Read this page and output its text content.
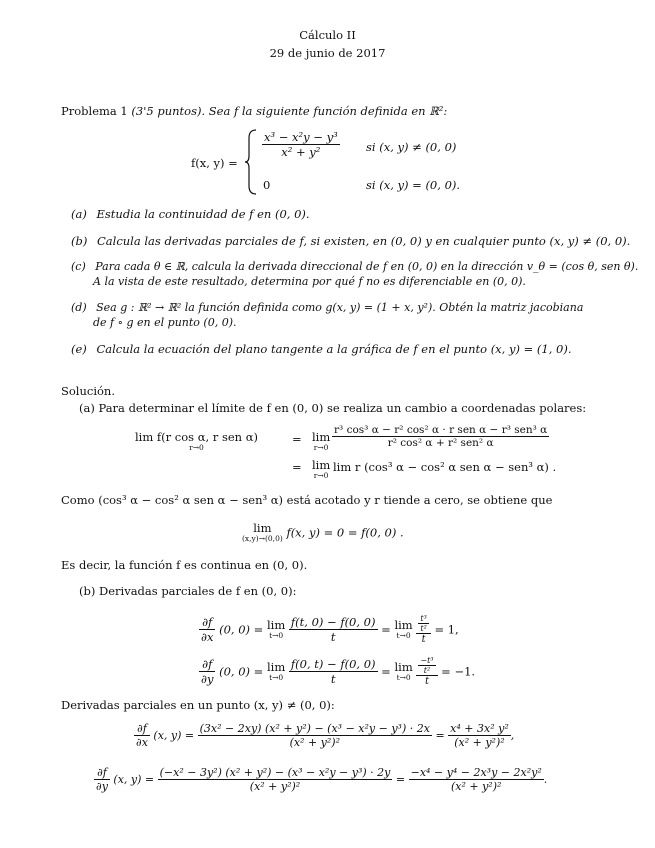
Cálculo II
29 de junio de 2017
Problema 1 (3'5 puntos). Sea f la siguiente función definida en ℝ²:
f(x, y) =
$\frac{\text{x³ − x²y − y³}}{\text{x² + y²}}$ si (x, y) ≠ (0, 0)
0	si (x, y) = (0, 0).
(a) Estudia la continuidad de f en (0, 0).
(b) Calcula las derivadas parciales de f, si existen, en (0, 0) y en cualquier punto (x, y) ≠ (0, 0).
(c) Para cada θ ∈ ℝ, calcula la derivada direccional de f en (0, 0) en la dirección v_θ = (cos θ, sen θ).
A la vista de este resultado, determina por qué f no es diferenciable en (0, 0).
(d) Sea g : ℝ² → ℝ² la función definida como g(x, y) = (1 + x, y²). Obtén la matriz jacobiana
de f ∘ g en el punto (0, 0).
(e) Calcula la ecuación del plano tangente a la gráfica de f en el punto (x, y) = (1, 0).
Solución.
(a) Para determinar el límite de f en (0, 0) se realiza un cambio a coordenadas polares:
lim f(r cos α, r sen α)
r→0
= lim
r→0
r³ cos³ α − r² cos² α · r sen α − r³ sen³ α
r² cos² α + r² sen² α
= lim
r→0
lim r (cos³ α − cos² α sen α − sen³ α) .
Como (cos³ α − cos² α sen α − sen³ α) está acotado y r tiende a cero, se obtiene que
lim
(x,y)→(0,0) f(x, y) = 0 = f(0, 0) .
Es decir, la función f es continua en (0, 0).
(b) Derivadas parciales de f en (0, 0):
$\frac{\partial f}{\partial x} (0$, 0) = lim
t→0
$\frac{f(t, 0) - f(0, 0)}{t} = \lim$
t→0
$\frac{\frac{\text{t³}}{\text{t²}}}{t} = 1$,
$\frac{\partial f}{\partial y} (0$, 0) = lim
t→0
$\frac{f(0, t) - f(0, 0)}{t} = \lim$
t→0
$\frac{\frac{\text{−t³}}{\text{t²}}}{t} = -1$.
Derivadas parciales en un punto (x, y) ≠ (0, 0):
$\frac{\partial f}{\partial x} (x$, $y) = \frac{\text{(3x² − 2xy) (x² + y²) − (x³ − x²y − y³) · 2x}}{\text{(x² + y²)²}} = \frac{\text{x⁴ + 3x² y²}}{\text{(x² + y²)²}}$ ,
$\frac{\partial f}{\partial y} (x$, $y) = \frac{\text{(−x² − 3y²) (x² + y²) − (x³ − x²y − y³) · 2y}}{\text{(x² + y²)²}} = \frac{\text{−x⁴ − y⁴ − 2x³y − 2x²y²}}{\text{(x² + y²)²}}$ .
